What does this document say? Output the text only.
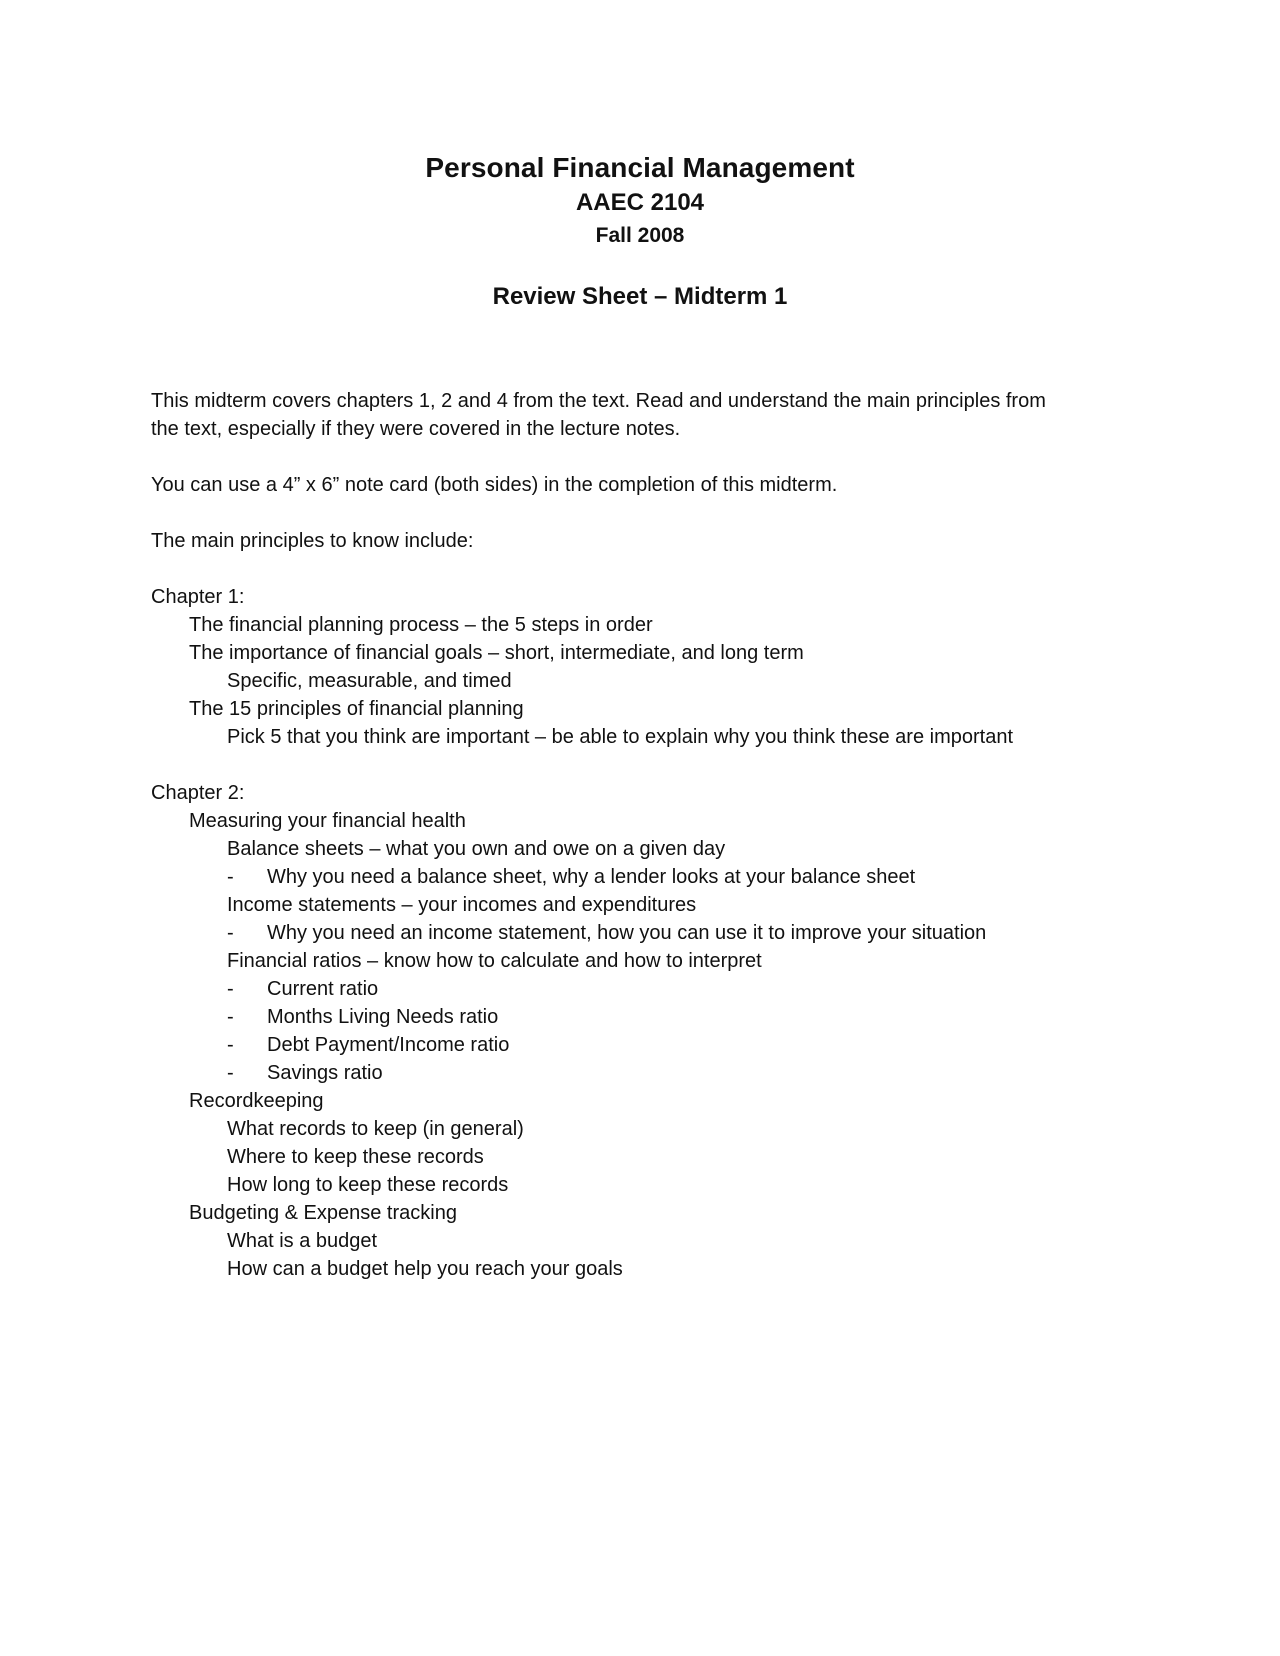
Personal Financial Management
AAEC 2104
Fall 2008
Review Sheet – Midterm 1
This midterm covers chapters 1, 2 and 4 from the text. Read and understand the main principles from
the text, especially if they were covered in the lecture notes.
You can use a 4” x 6” note card (both sides) in the completion of this midterm.
The main principles to know include:
Chapter 1:
The financial planning process – the 5 steps in order
The importance of financial goals – short, intermediate, and long term
Specific, measurable, and timed
The 15 principles of financial planning
Pick 5 that you think are important – be able to explain why you think these are important
Chapter 2:
Measuring your financial health
Balance sheets – what you own and owe on a given day
- Why you need a balance sheet, why a lender looks at your balance sheet
Income statements – your incomes and expenditures
- Why you need an income statement, how you can use it to improve your situation
Financial ratios – know how to calculate and how to interpret
- Current ratio
- Months Living Needs ratio
- Debt Payment/Income ratio
- Savings ratio
Recordkeeping
What records to keep (in general)
Where to keep these records
How long to keep these records
Budgeting & Expense tracking
What is a budget
How can a budget help you reach your goals
